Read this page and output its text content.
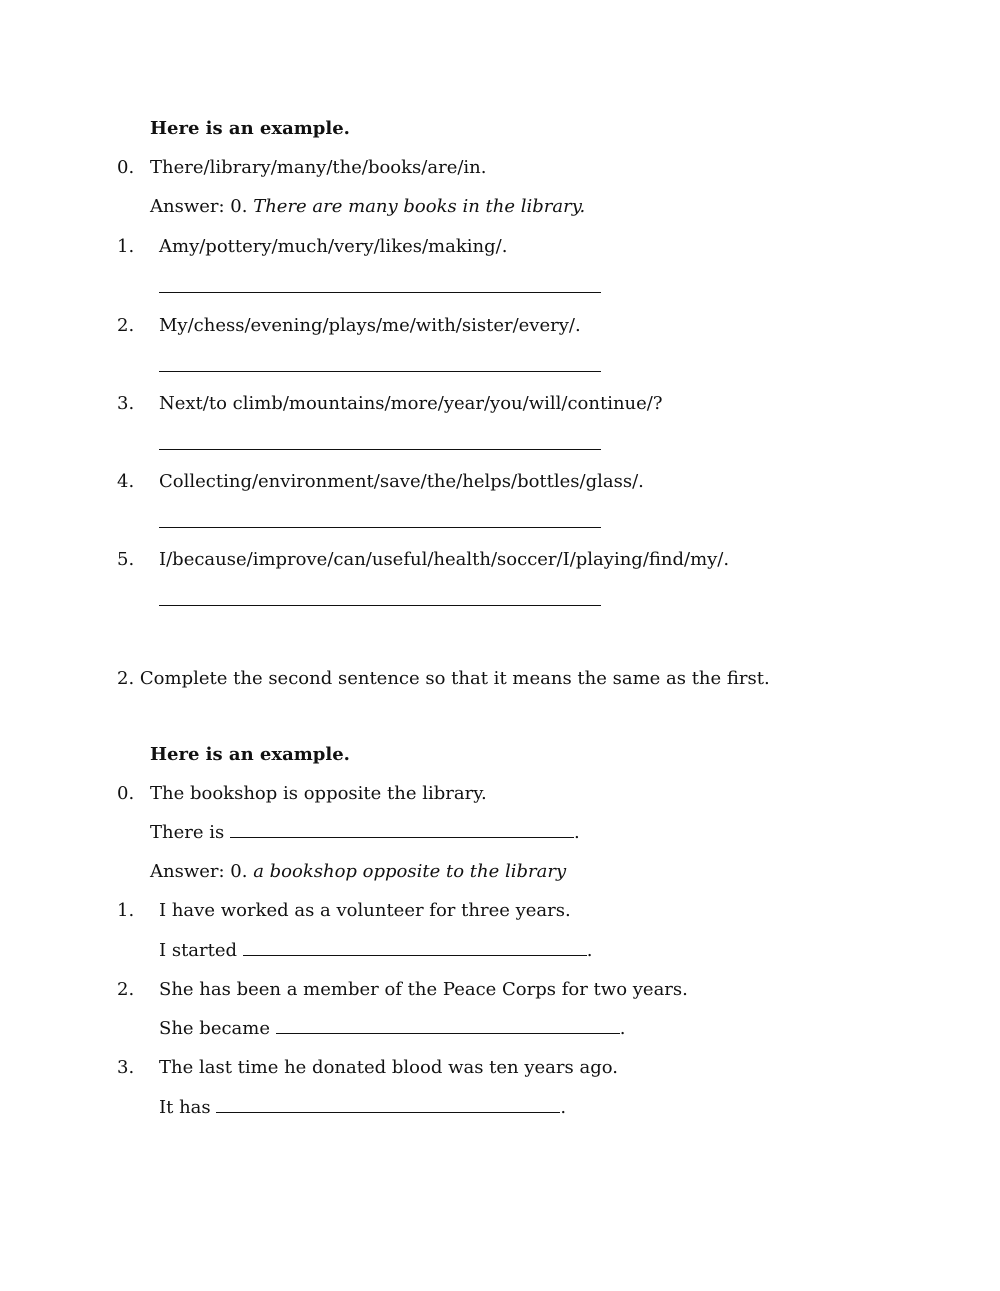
Here is an example.
0. There/library/many/the/books/are/in.
Answer: 0. There are many books in the library.
1. Amy/pottery/much/very/likes/making/.
2. My/chess/evening/plays/me/with/sister/every/.
3. Next/to climb/mountains/more/year/you/will/continue/?
4. Collecting/environment/save/the/helps/bottles/glass/.
5. I/because/improve/can/useful/health/soccer/I/playing/find/my/.
2. Complete the second sentence so that it means the same as the first.
Here is an example.
0. The bookshop is opposite the library.
There is	.
Answer: 0. a bookshop opposite to the library
1. I have worked as a volunteer for three years.
I started	.
2. She has been a member of the Peace Corps for two years.
She became	.
3. The last time he donated blood was ten years ago.
It has	.
